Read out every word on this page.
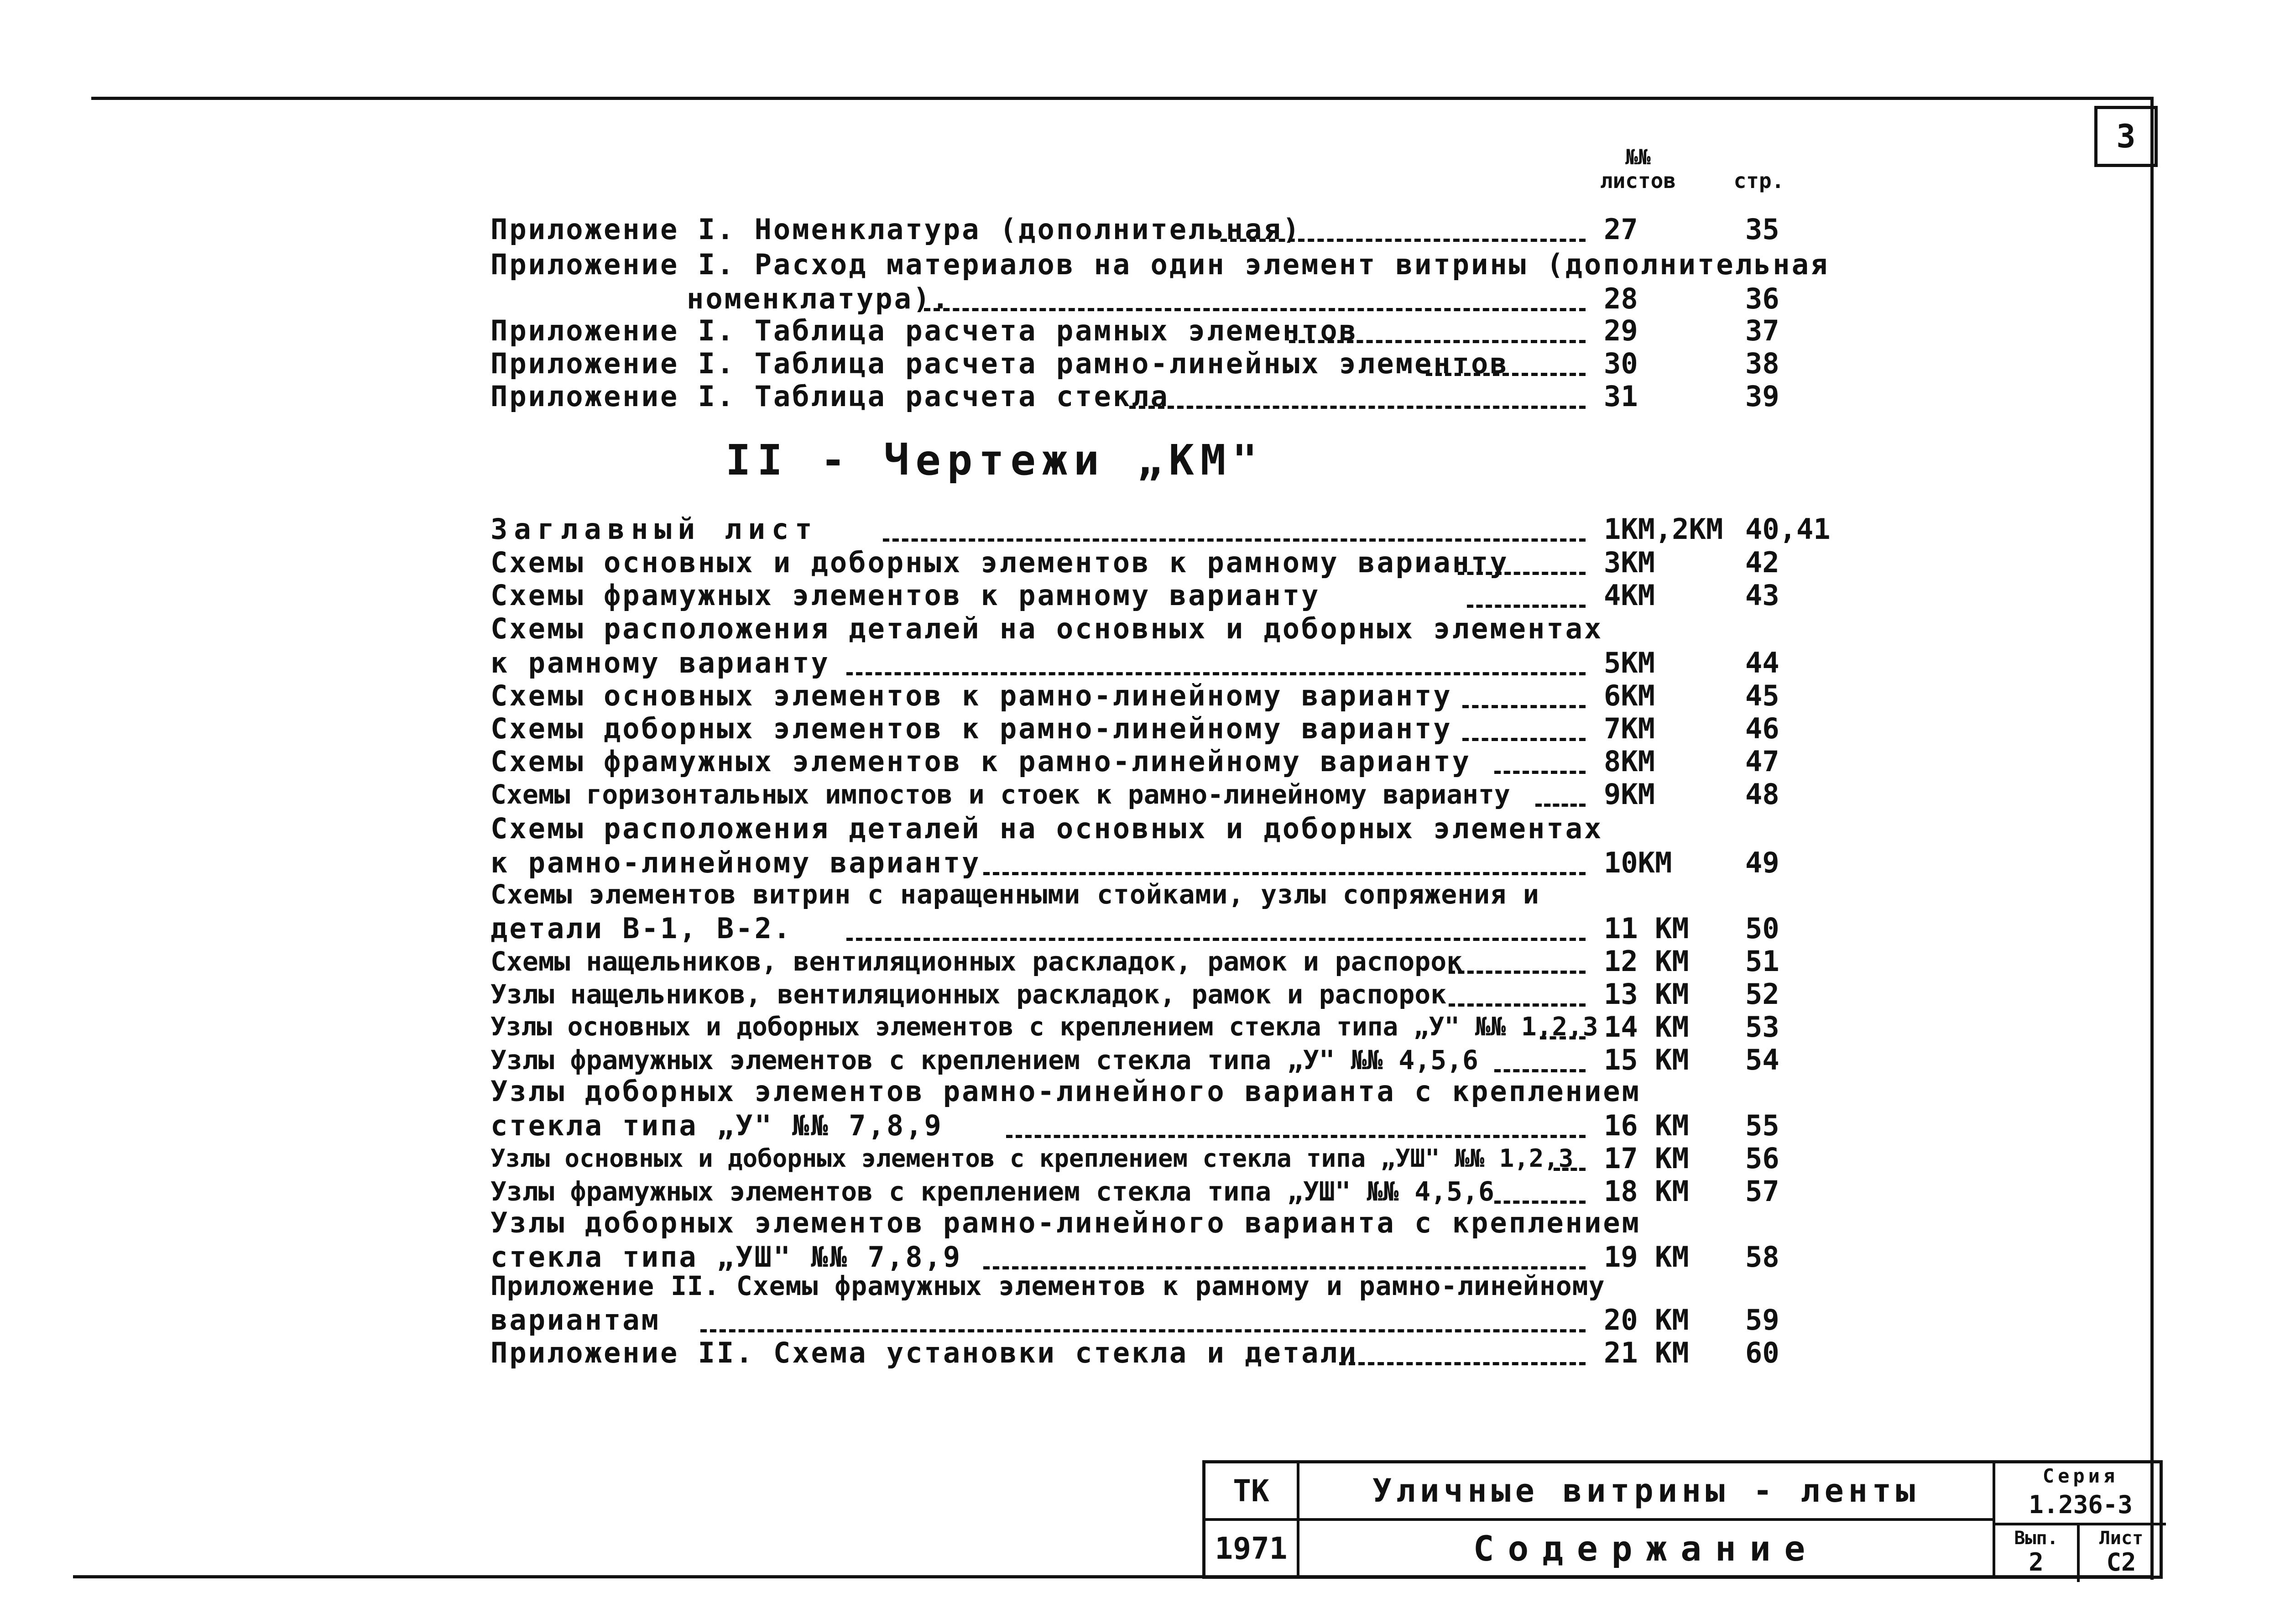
3
№№
листов	стр.
Приложение I. Номенклатура (дополнительная)	27	35
Приложение I. Расход материалов на один элемент витрины (дополнительная
номенклатура).	28	36
Приложение I. Таблица расчета рамных элементов	29	37
Приложение I. Таблица расчета рамно-линейных элементов	30	38
Приложение I. Таблица расчета стекла	31	39
II - Чертежи „КМ"
Заглавный лист	1КМ,2КМ 40,41
Схемы основных и доборных элементов к рамному варианту	3КМ	42
Схемы фрамужных элементов к рамному варианту	4КМ	43
Схемы расположения деталей на основных и доборных элементах
к рамному варианту	5КМ	44
Схемы основных элементов к рамно-линейному варианту	6КМ	45
Схемы доборных элементов к рамно-линейному варианту	7КМ	46
Схемы фрамужных элементов к рамно-линейному варианту	8КМ	47
Схемы горизонтальных импостов и стоек к рамно-линейному варианту	9КМ	48
Схемы расположения деталей на основных и доборных элементах
к рамно-линейному варианту	10КМ	49
Схемы элементов витрин с наращенными стойками, узлы сопряжения и
детали В-1, В-2.	11 КМ 50
Схемы нащельников, вентиляционных раскладок, рамок и распорок	12 КМ 51
Узлы нащельников, вентиляционных раскладок, рамок и распорок	13 КМ 52
Узлы основных и доборных элементов с креплением стекла типа „У" №№ 1,2,3 14 КМ 53
Узлы фрамужных элементов с креплением стекла типа „У" №№ 4,5,6	15 КМ 54
Узлы доборных элементов рамно-линейного варианта с креплением
стекла типа „У" №№ 7,8,9	16 КМ 55
Узлы основных и доборных элементов с креплением стекла типа „УШ" №№ 1,2,3 17 КМ 56
Узлы фрамужных элементов с креплением стекла типа „УШ" №№ 4,5,6	18 КМ 57
Узлы доборных элементов рамно-линейного варианта с креплением
стекла типа „УШ" №№ 7,8,9	19 КМ 58
Приложение II. Схемы фрамужных элементов к рамному и рамно-линейному
вариантам	20 КМ 59
Приложение II. Схема установки стекла и детали	21 КМ 60
ТК
1971
Уличные витрины - ленты
Содержание
Серия
1.236-3
Вып.
2
Лист
С2
